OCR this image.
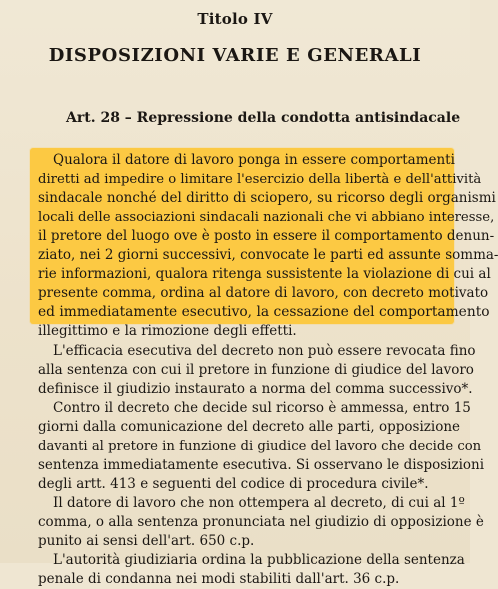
Titolo IV
DISPOSIZIONI VARIE E GENERALI
Art. 28 – Repressione della condotta antisindacale
Qualora il datore di lavoro ponga in essere comportamenti
diretti ad impedire o limitare l'esercizio della libertà e dell'attività
sindacale nonché del diritto di sciopero, su ricorso degli organismi
locali delle associazioni sindacali nazionali che vi abbiano interesse,
il pretore del luogo ove è posto in essere il comportamento denun-
ziato, nei 2 giorni successivi, convocate le parti ed assunte somma-
rie informazioni, qualora ritenga sussistente la violazione di cui al
presente comma, ordina al datore di lavoro, con decreto motivato
ed immediatamente esecutivo, la cessazione del comportamento
illegittimo e la rimozione degli effetti.
L'efficacia esecutiva del decreto non può essere revocata fino
alla sentenza con cui il pretore in funzione di giudice del lavoro
definisce il giudizio instaurato a norma del comma successivo*.
Contro il decreto che decide sul ricorso è ammessa, entro 15
giorni dalla comunicazione del decreto alle parti, opposizione
davanti al pretore in funzione di giudice del lavoro che decide con
sentenza immediatamente esecutiva. Si osservano le disposizioni
degli artt. 413 e seguenti del codice di procedura civile*.
Il datore di lavoro che non ottempera al decreto, di cui al 1º
comma, o alla sentenza pronunciata nel giudizio di opposizione è
punito ai sensi dell'art. 650 c.p.
L'autorità giudiziaria ordina la pubblicazione della sentenza
penale di condanna nei modi stabiliti dall'art. 36 c.p.
